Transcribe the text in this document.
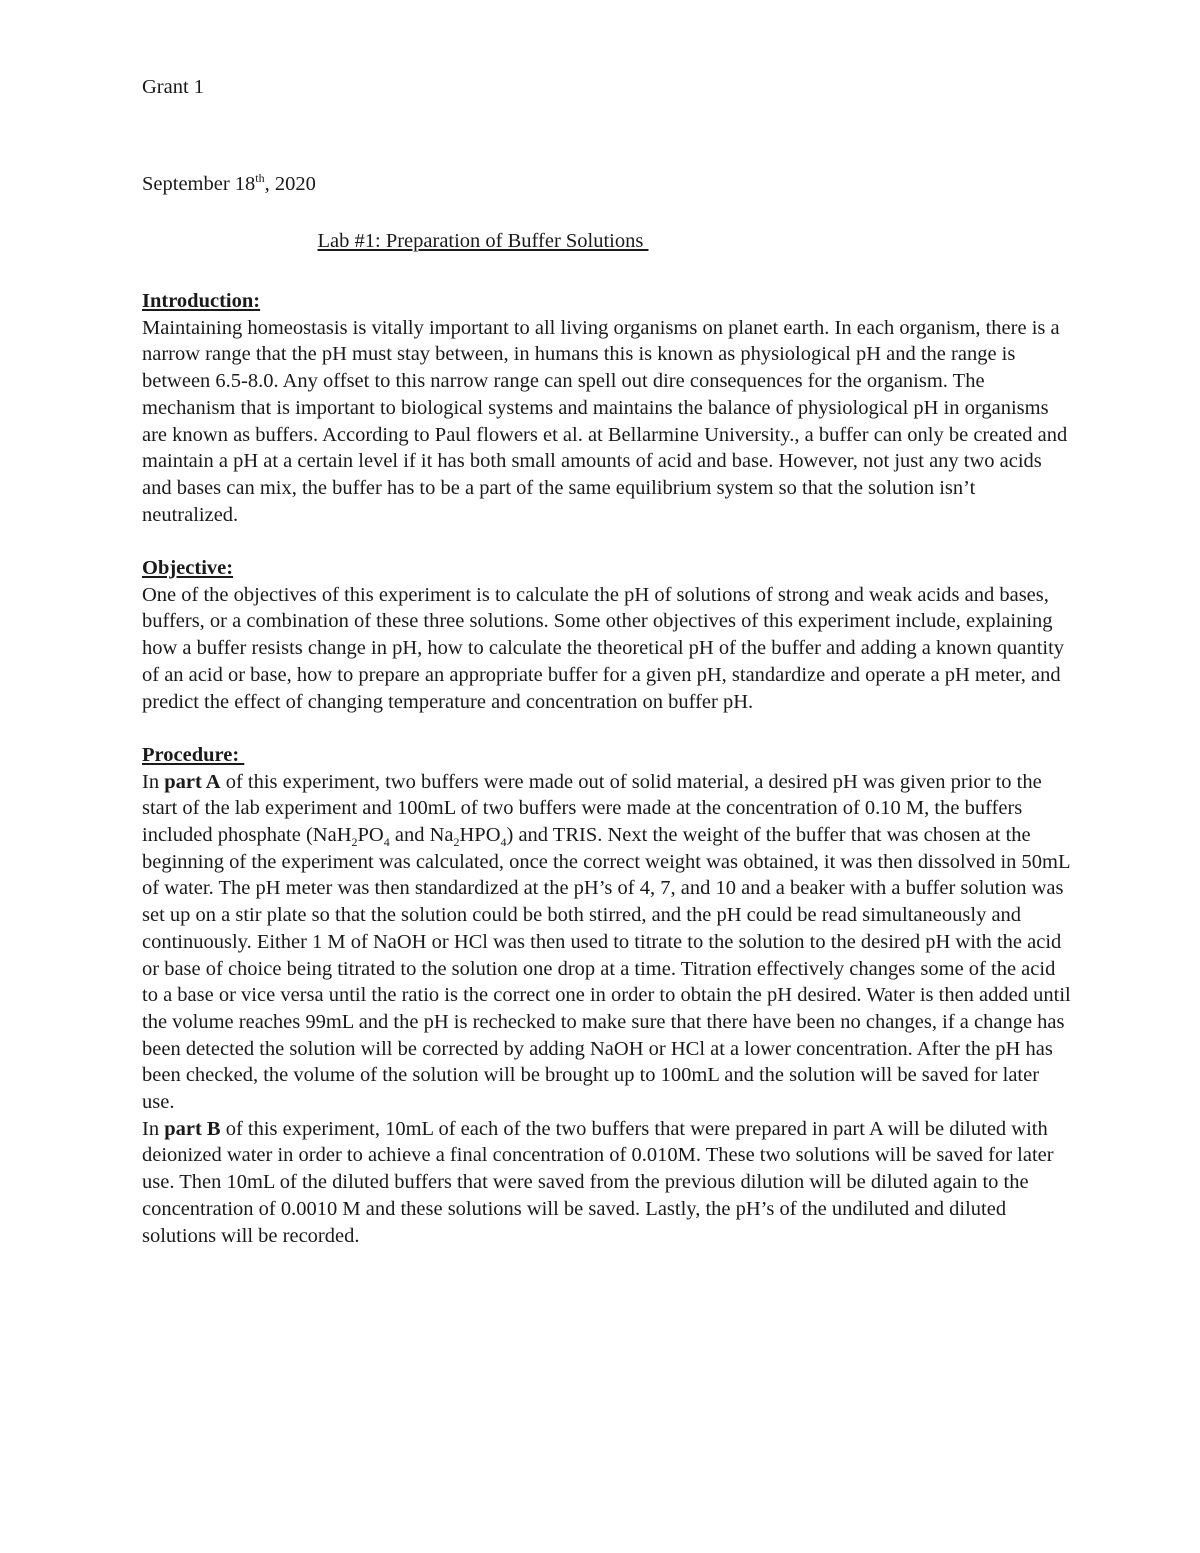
Grant 1
September 18th, 2020
Lab #1: Preparation of Buffer Solutions
Introduction:

Maintaining homeostasis is vitally important to all living organisms on planet earth. In each organism, there is a narrow range that the pH must stay between, in humans this is known as physiological pH and the range is between 6.5-8.0. Any offset to this narrow range can spell out dire consequences for the organism. The mechanism that is important to biological systems and maintains the balance of physiological pH in organisms are known as buffers. According to Paul flowers et al. at Bellarmine University., a buffer can only be created and maintain a pH at a certain level if it has both small amounts of acid and base. However, not just any two acids and bases can mix, the buffer has to be a part of the same equilibrium system so that the solution isn’t neutralized.

Objective:

One of the objectives of this experiment is to calculate the pH of solutions of strong and weak acids and bases, buffers, or a combination of these three solutions. Some other objectives of this experiment include, explaining how a buffer resists change in pH, how to calculate the theoretical pH of the buffer and adding a known quantity of an acid or base, how to prepare an appropriate buffer for a given pH, standardize and operate a pH meter, and predict the effect of changing temperature and concentration on buffer pH.

Procedure:

In part A of this experiment, two buffers were made out of solid material, a desired pH was given prior to the start of the lab experiment and 100mL of two buffers were made at the concentration of 0.10 M, the buffers included phosphate ($NaH_2PO_4$ and $Na_2HPO_4$) and TRIS. Next the weight of the buffer that was chosen at the beginning of the experiment was calculated, once the correct weight was obtained, it was then dissolved in 50mL of water. The pH meter was then standardized at the pH’s of 4, 7, and 10 and a beaker with a buffer solution was set up on a stir plate so that the solution could be both stirred, and the pH could be read simultaneously and continuously. Either 1 M of NaOH or HCl was then used to titrate to the solution to the desired pH with the acid or base of choice being titrated to the solution one drop at a time. Titration effectively changes some of the acid to a base or vice versa until the ratio is the correct one in order to obtain the pH desired. Water is then added until the volume reaches 99mL and the pH is rechecked to make sure that there have been no changes, if a change has been detected the solution will be corrected by adding NaOH or HCl at a lower concentration. After the pH has been checked, the volume of the solution will be brought up to 100mL and the solution will be saved for later use.

In part B of this experiment, 10mL of each of the two buffers that were prepared in part A will be diluted with deionized water in order to achieve a final concentration of 0.010M. These two solutions will be saved for later use. Then 10mL of the diluted buffers that were saved from the previous dilution will be diluted again to the concentration of 0.0010 M and these solutions will be saved. Lastly, the pH’s of the undiluted and diluted solutions will be recorded.
